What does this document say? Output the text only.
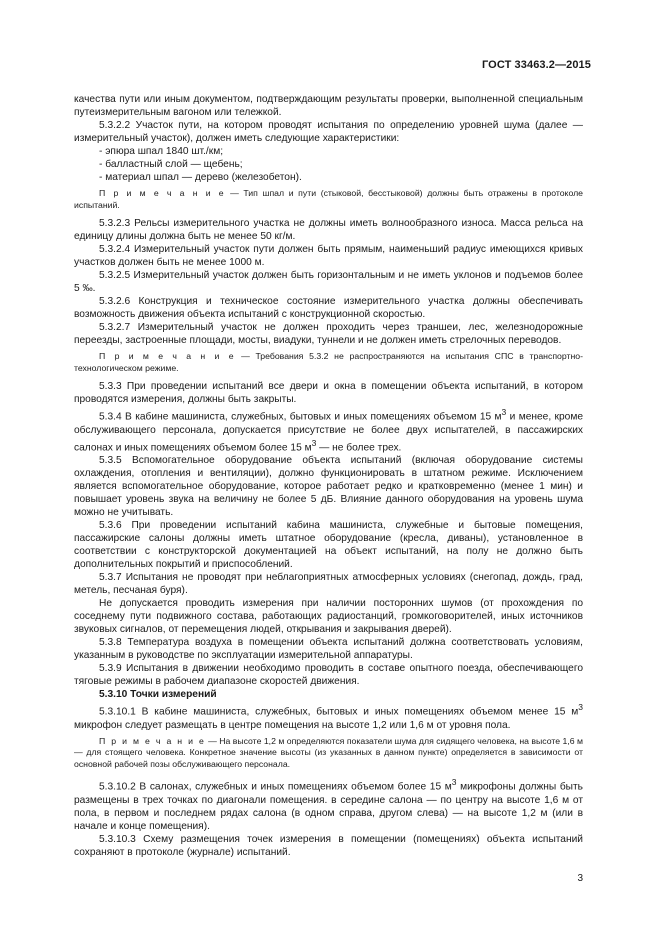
ГОСТ 33463.2—2015

качества пути или иным документом, подтверждающим результаты проверки, выполненной специальным путеизмерительным вагоном или тележкой.

5.3.2.2 Участок пути, на котором проводят испытания по определению уровней шума (далее — измерительный участок), должен иметь следующие характеристики:

- эпюра шпал 1840 шт./км;

- балластный слой — щебень;

- материал шпал — дерево (железобетон).

П р и м е ч а н и е — Тип шпал и пути (стыковой, бесстыковой) должны быть отражены в протоколе испытаний.

5.3.2.3 Рельсы измерительного участка не должны иметь волнообразного износа. Масса рельса на единицу длины должна быть не менее 50 кг/м.

5.3.2.4 Измерительный участок пути должен быть прямым, наименьший радиус имеющихся кривых участков должен быть не менее 1000 м.

5.3.2.5 Измерительный участок должен быть горизонтальным и не иметь уклонов и подъемов более 5 ‰.

5.3.2.6 Конструкция и техническое состояние измерительного участка должны обеспечивать возможность движения объекта испытаний с конструкционной скоростью.

5.3.2.7 Измерительный участок не должен проходить через траншеи, лес, железнодорожные переезды, застроенные площади, мосты, виадуки, туннели и не должен иметь стрелочных переводов.

П р и м е ч а н и е — Требования 5.3.2 не распространяются на испытания СПС в транспортно-технологическом режиме.

5.3.3 При проведении испытаний все двери и окна в помещении объекта испытаний, в котором проводятся измерения, должны быть закрыты.

5.3.4 В кабине машиниста, служебных, бытовых и иных помещениях объемом 15 $м^3$ и менее, кроме обслуживающего персонала, допускается присутствие не более двух испытателей, в пассажирских салонах и иных помещениях объемом более 15 $м^3$ — не более трех.

5.3.5 Вспомогательное оборудование объекта испытаний (включая оборудование системы охлаждения, отопления и вентиляции), должно функционировать в штатном режиме. Исключением является вспомогательное оборудование, которое работает редко и кратковременно (менее 1 мин) и повышает уровень звука на величину не более 5 дБ. Влияние данного оборудования на уровень шума можно не учитывать.

5.3.6 При проведении испытаний кабина машиниста, служебные и бытовые помещения, пассажирские салоны должны иметь штатное оборудование (кресла, диваны), установленное в соответствии с конструкторской документацией на объект испытаний, на полу не должно быть дополнительных покрытий и приспособлений.

5.3.7 Испытания не проводят при неблагоприятных атмосферных условиях (снегопад, дождь, град, метель, песчаная буря).

Не допускается проводить измерения при наличии посторонних шумов (от прохождения по соседнему пути подвижного состава, работающих радиостанций, громкоговорителей, иных источников звуковых сигналов, от перемещения людей, открывания и закрывания дверей).

5.3.8 Температура воздуха в помещении объекта испытаний должна соответствовать условиям, указанным в руководстве по эксплуатации измерительной аппаратуры.

5.3.9 Испытания в движении необходимо проводить в составе опытного поезда, обеспечивающего тяговые режимы в рабочем диапазоне скоростей движения.

5.3.10 Точки измерений

5.3.10.1 В кабине машиниста, служебных, бытовых и иных помещениях объемом менее 15 $м^3$ микрофон следует размещать в центре помещения на высоте 1,2 или 1,6 м от уровня пола.

П р и м е ч а н и е — На высоте 1,2 м определяются показатели шума для сидящего человека, на высоте 1,6 м — для стоящего человека. Конкретное значение высоты (из указанных в данном пункте) определяется в зависимости от основной рабочей позы обслуживающего персонала.

5.3.10.2 В салонах, служебных и иных помещениях объемом более 15 $м^3$ микрофоны должны быть размещены в трех точках по диагонали помещения. в середине салона — по центру на высоте 1,6 м от пола, в первом и последнем рядах салона (в одном справа, другом слева) — на высоте 1,2 м (или в начале и конце помещения).

5.3.10.3 Схему размещения точек измерения в помещении (помещениях) объекта испытаний сохраняют в протоколе (журнале) испытаний.

3
